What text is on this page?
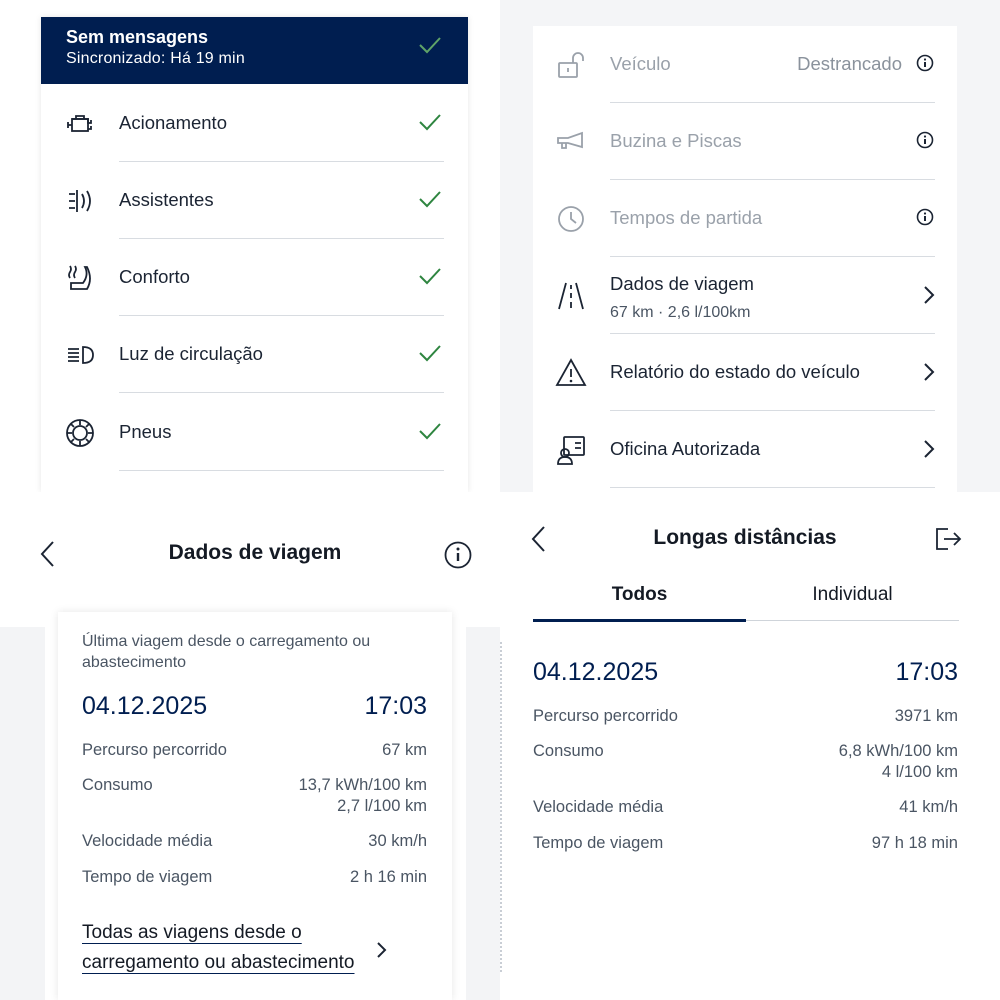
Sem mensagens
Sincronizado: Há 19 min
Acionamento
Assistentes
Conforto
Luz de circulação
Pneus
Veículo	Destrancado
Buzina e Piscas
Tempos de partida
Dados de viagem
67 km · 2,6 l/100km
Relatório do estado do veículo
Oficina Autorizada
Dados de viagem
Última viagem desde o carregamento ou abastecimento
04.12.2025	17:03
Percurso percorrido	67 km
Consumo	13,7 kWh/100 km
2,7 l/100 km
Velocidade média	30 km/h
Tempo de viagem	2 h 16 min
Todas as viagens desde o
carregamento ou abastecimento
Longas distâncias
Todos	Individual
04.12.2025	17:03
Percurso percorrido	3971 km
Consumo	6,8 kWh/100 km
4 l/100 km
Velocidade média	41 km/h
Tempo de viagem	97 h 18 min
